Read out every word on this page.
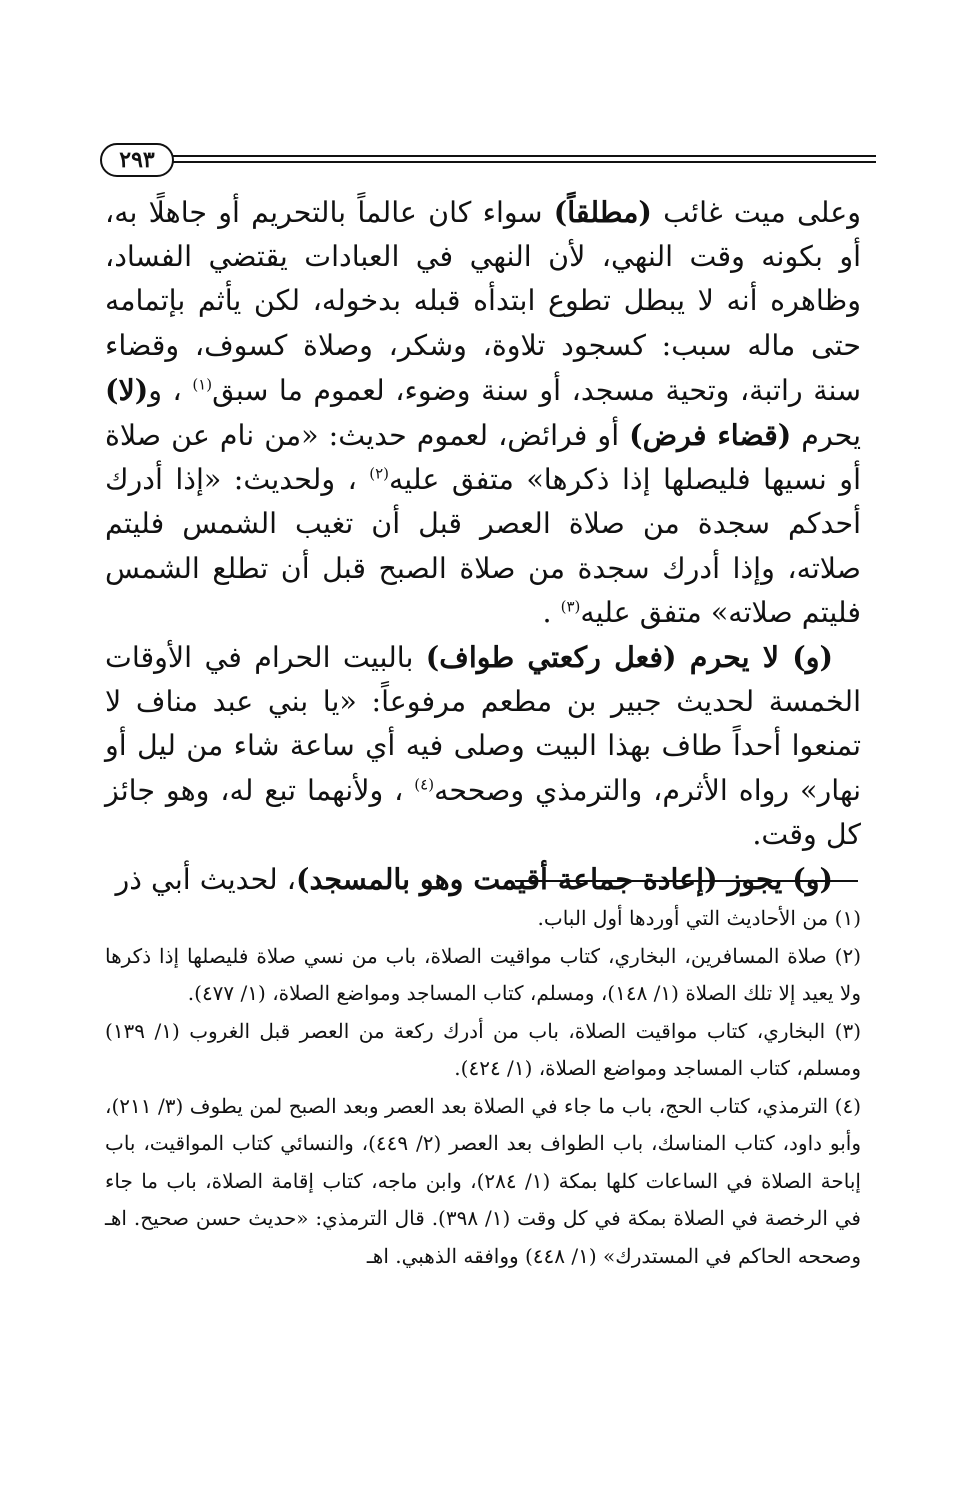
٢٩٣

وعلى ميت غائب (مطلقاً) سواء كان عالماً بالتحريم أو جاهلًا به، أو بكونه وقت النهي، لأن النهي في العبادات يقتضي الفساد، وظاهره أنه لا يبطل تطوع ابتدأه قبله بدخوله، لكن يأثم بإتمامه حتى ماله سبب: كسجود تلاوة، وشكر، وصلاة كسوف، وقضاء سنة راتبة، وتحية مسجد، أو سنة وضوء، لعموم ما سبق$^{(١)}$ ، و(لا) يحرم (قضاء فرض) أو فرائض، لعموم حديث: «من نام عن صلاة أو نسيها فليصلها إذا ذكرها» متفق عليه$^{(٢)}$ ، ولحديث: «إذا أدرك أحدكم سجدة من صلاة العصر قبل أن تغيب الشمس فليتم صلاته، وإذا أدرك سجدة من صلاة الصبح قبل أن تطلع الشمس فليتم صلاته» متفق عليه$^{(٣)}$ .

(و) لا يحرم (فعل ركعتي طواف) بالبيت الحرام في الأوقات الخمسة لحديث جبير بن مطعم مرفوعاً: «يا بني عبد مناف لا تمنعوا أحداً طاف بهذا البيت وصلى فيه أي ساعة شاء من ليل أو نهار» رواه الأثرم، والترمذي وصححه$^{(٤)}$ ، ولأنهما تبع له، وهو جائز كل وقت.

(و) يجوز (إعادة جماعة أقيمت وهو بالمسجد)، لحديث أبي ذر

(١) من الأحاديث التي أوردها أول الباب.

(٢) صلاة المسافرين، البخاري، كتاب مواقيت الصلاة، باب من نسي صلاة فليصلها إذا ذكرها ولا يعيد إلا تلك الصلاة (١/ ١٤٨)، ومسلم، كتاب المساجد ومواضع الصلاة، (١/ ٤٧٧).

(٣) البخاري، كتاب مواقيت الصلاة، باب من أدرك ركعة من العصر قبل الغروب (١/ ١٣٩) ومسلم، كتاب المساجد ومواضع الصلاة، (١/ ٤٢٤).

(٤) الترمذي، كتاب الحج، باب ما جاء في الصلاة بعد العصر وبعد الصبح لمن يطوف (٣/ ٢١١)، وأبو داود، كتاب المناسك، باب الطواف بعد العصر (٢/ ٤٤٩)، والنسائي كتاب المواقيت، باب إباحة الصلاة في الساعات كلها بمكة (١/ ٢٨٤)، وابن ماجه، كتاب إقامة الصلاة، باب ما جاء في الرخصة في الصلاة بمكة في كل وقت (١/ ٣٩٨). قال الترمذي: «حديث حسن صحيح. اهـ وصححه الحاكم في المستدرك» (١/ ٤٤٨) ووافقه الذهبي. اهـ
